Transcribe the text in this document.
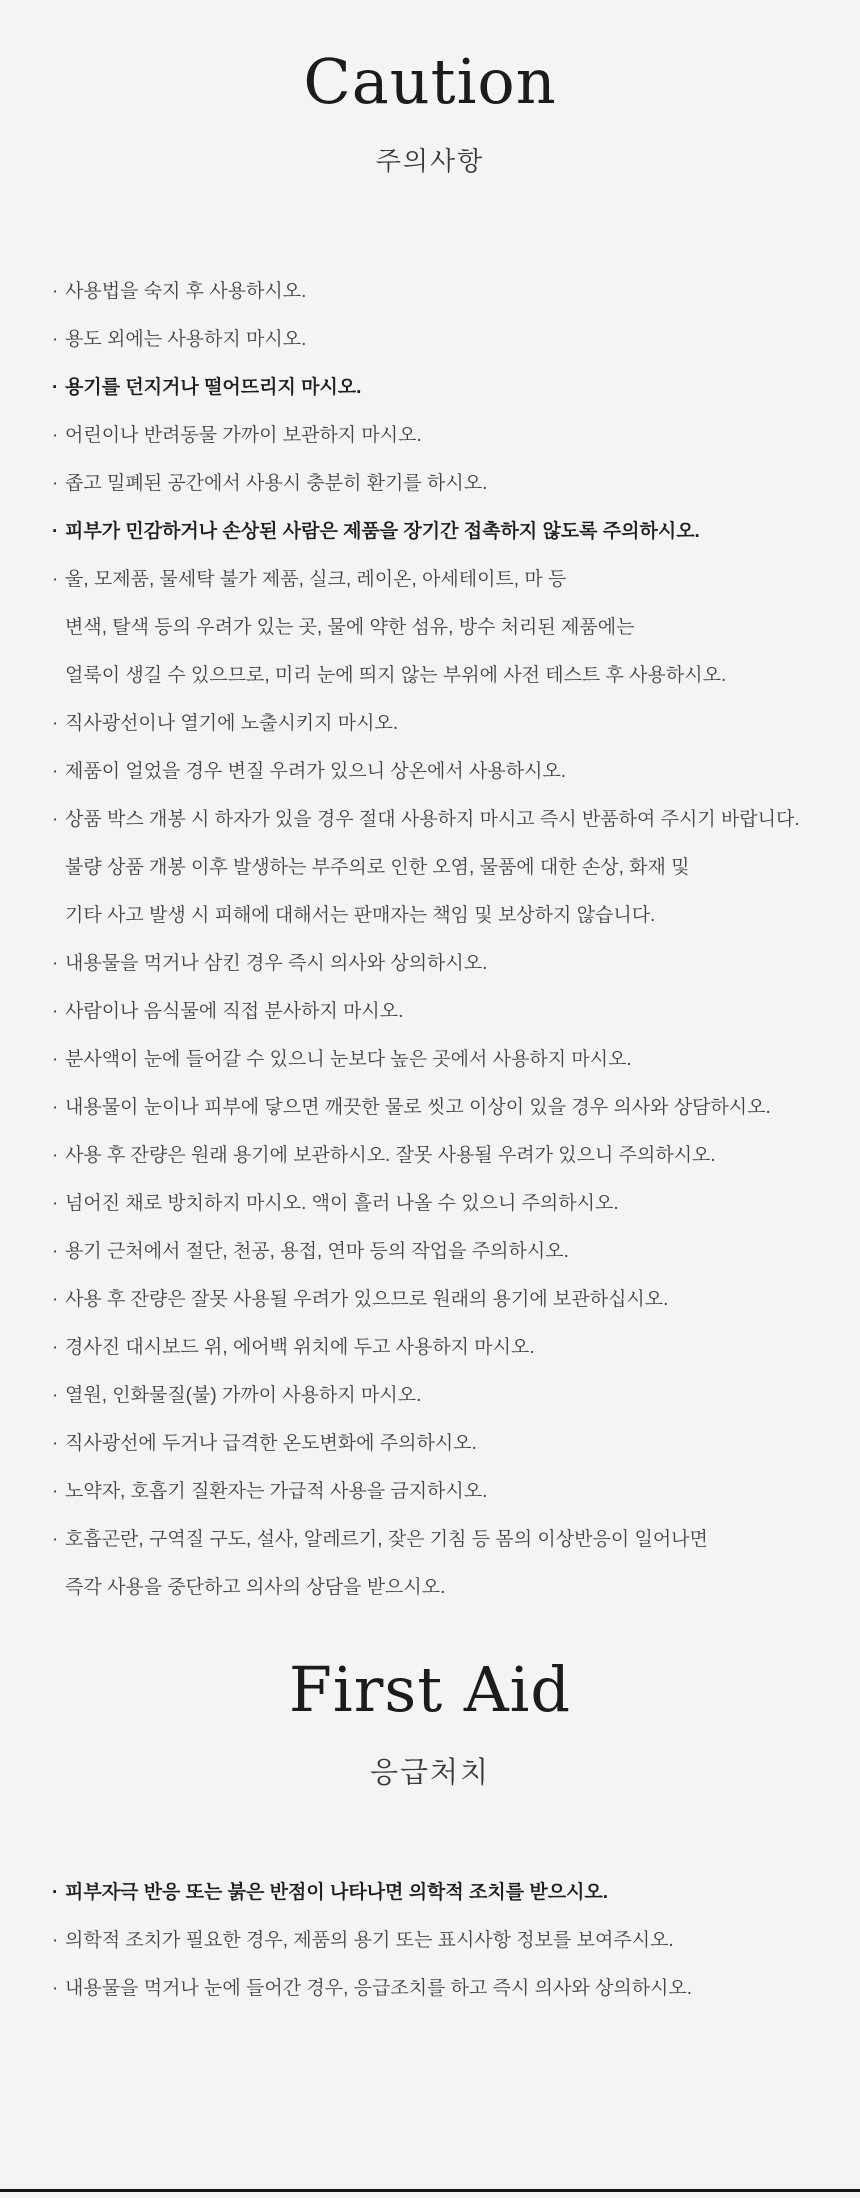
Caution
주의사항
· 사용법을 숙지 후 사용하시오.
· 용도 외에는 사용하지 마시오.
· 용기를 던지거나 떨어뜨리지 마시오.
· 어린이나 반려동물 가까이 보관하지 마시오.
· 좁고 밀폐된 공간에서 사용시 충분히 환기를 하시오.
· 피부가 민감하거나 손상된 사람은 제품을 장기간 접촉하지 않도록 주의하시오.
· 울, 모제품, 물세탁 불가 제품, 실크, 레이온, 아세테이트, 마 등
변색, 탈색 등의 우려가 있는 곳, 물에 약한 섬유, 방수 처리된 제품에는
얼룩이 생길 수 있으므로, 미리 눈에 띄지 않는 부위에 사전 테스트 후 사용하시오.
· 직사광선이나 열기에 노출시키지 마시오.
· 제품이 얼었을 경우 변질 우려가 있으니 상온에서 사용하시오.
· 상품 박스 개봉 시 하자가 있을 경우 절대 사용하지 마시고 즉시 반품하여 주시기 바랍니다.
불량 상품 개봉 이후 발생하는 부주의로 인한 오염, 물품에 대한 손상, 화재 및
기타 사고 발생 시 피해에 대해서는 판매자는 책임 및 보상하지 않습니다.
· 내용물을 먹거나 삼킨 경우 즉시 의사와 상의하시오.
· 사람이나 음식물에 직접 분사하지 마시오.
· 분사액이 눈에 들어갈 수 있으니 눈보다 높은 곳에서 사용하지 마시오.
· 내용물이 눈이나 피부에 닿으면 깨끗한 물로 씻고 이상이 있을 경우 의사와 상담하시오.
· 사용 후 잔량은 원래 용기에 보관하시오. 잘못 사용될 우려가 있으니 주의하시오.
· 넘어진 채로 방치하지 마시오. 액이 흘러 나올 수 있으니 주의하시오.
· 용기 근처에서 절단, 천공, 용접, 연마 등의 작업을 주의하시오.
· 사용 후 잔량은 잘못 사용될 우려가 있으므로 원래의 용기에 보관하십시오.
· 경사진 대시보드 위, 에어백 위치에 두고 사용하지 마시오.
· 열원, 인화물질(불) 가까이 사용하지 마시오.
· 직사광선에 두거나 급격한 온도변화에 주의하시오.
· 노약자, 호흡기 질환자는 가급적 사용을 금지하시오.
· 호흡곤란, 구역질 구도, 설사, 알레르기, 잦은 기침 등 몸의 이상반응이 일어나면
즉각 사용을 중단하고 의사의 상담을 받으시오.
First Aid
응급처치
· 피부자극 반응 또는 붉은 반점이 나타나면 의학적 조치를 받으시오.
· 의학적 조치가 필요한 경우, 제품의 용기 또는 표시사항 정보를 보여주시오.
· 내용물을 먹거나 눈에 들어간 경우, 응급조치를 하고 즉시 의사와 상의하시오.
